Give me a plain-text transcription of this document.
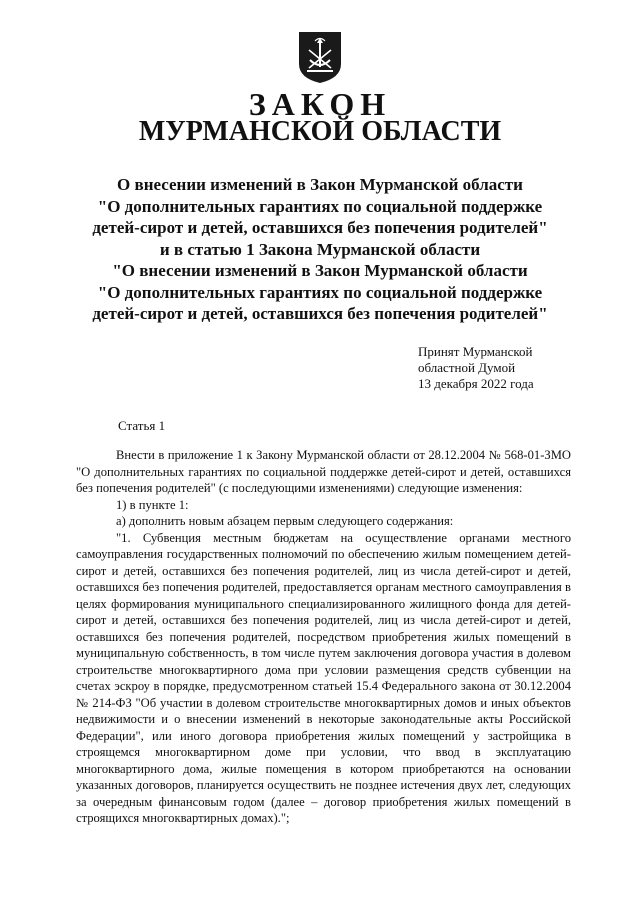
ЗАКОН
МУРМАНСКОЙ ОБЛАСТИ
О внесении изменений в Закон Мурманской области
"О дополнительных гарантиях по социальной поддержке
детей-сирот и детей, оставшихся без попечения родителей"
и в статью 1 Закона Мурманской области
"О внесении изменений в Закон Мурманской области
"О дополнительных гарантиях по социальной поддержке
детей-сирот и детей, оставшихся без попечения родителей"
Принят Мурманской
областной Думой
13 декабря 2022 года
Статья 1

Внести в приложение 1 к Закону Мурманской области от 28.12.2004 № 568-01-ЗМО "О дополнительных гарантиях по социальной поддержке детей-сирот и детей, оставшихся без попечения родителей" (с последующими изменениями) следующие изменения:

1) в пункте 1:

а) дополнить новым абзацем первым следующего содержания:

"1. Субвенция местным бюджетам на осуществление органами местного самоуправления государственных полномочий по обеспечению жилым помещением детей-сирот и детей, оставшихся без попечения родителей, лиц из числа детей-сирот и детей, оставшихся без попечения родителей, предоставляется органам местного самоуправления в целях формирования муниципального специализированного жилищного фонда для детей-сирот и детей, оставшихся без попечения родителей, лиц из числа детей-сирот и детей, оставшихся без попечения родителей, посредством приобретения жилых помещений в муниципальную собственность, в том числе путем заключения договора участия в долевом строительстве многоквартирного дома при условии размещения средств субвенции на счетах эскроу в порядке, предусмотренном статьей 15.4 Федерального закона от 30.12.2004 № 214-ФЗ "Об участии в долевом строительстве многоквартирных домов и иных объектов недвижимости и о внесении изменений в некоторые законодательные акты Российской Федерации", или иного договора приобретения жилых помещений у застройщика в строящемся многоквартирном доме при условии, что ввод в эксплуатацию многоквартирного дома, жилые помещения в котором приобретаются на основании указанных договоров, планируется осуществить не позднее истечения двух лет, следующих за очередным финансовым годом (далее – договор приобретения жилых помещений в строящихся многоквартирных домах).";
